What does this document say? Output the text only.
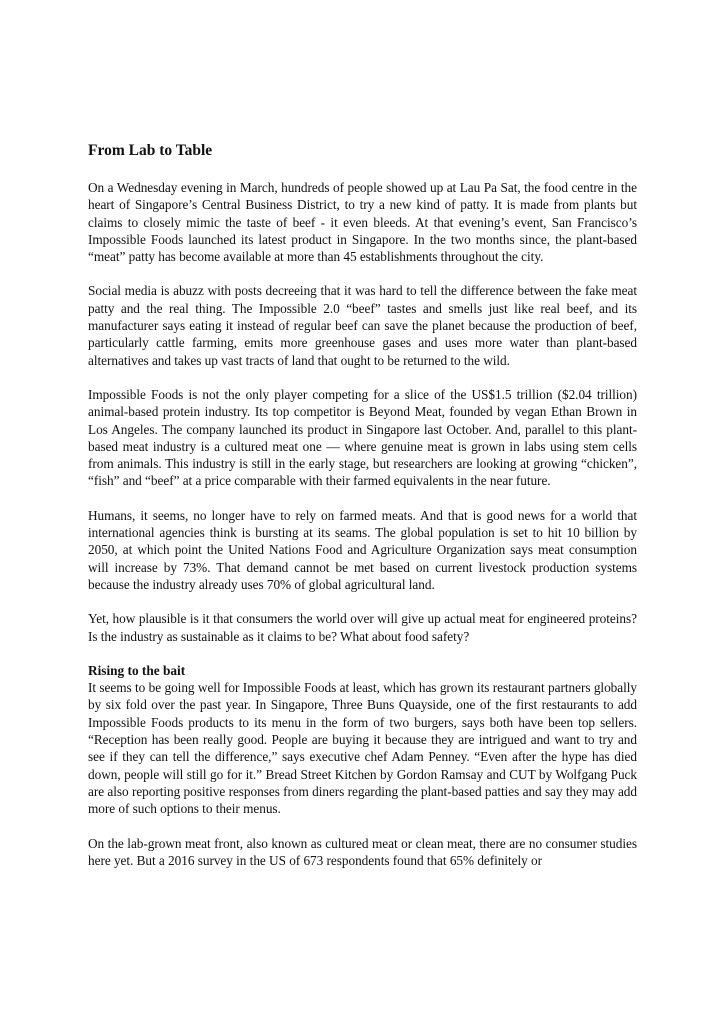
From Lab to Table

On a Wednesday evening in March, hundreds of people showed up at Lau Pa Sat, the food centre in the heart of Singapore’s Central Business District, to try a new kind of patty. It is made from plants but claims to closely mimic the taste of beef - it even bleeds. At that evening’s event, San Francisco’s Impossible Foods launched its latest product in Singapore. In the two months since, the plant-based “meat” patty has become available at more than 45 establishments throughout the city.

Social media is abuzz with posts decreeing that it was hard to tell the difference between the fake meat patty and the real thing. The Impossible 2.0 “beef” tastes and smells just like real beef, and its manufacturer says eating it instead of regular beef can save the planet because the production of beef, particularly cattle farming, emits more greenhouse gases and uses more water than plant-based alternatives and takes up vast tracts of land that ought to be returned to the wild.

Impossible Foods is not the only player competing for a slice of the US$1.5 trillion ($2.04 trillion) animal-based protein industry. Its top competitor is Beyond Meat, founded by vegan Ethan Brown in Los Angeles. The company launched its product in Singapore last October. And, parallel to this plant-based meat industry is a cultured meat one — where genuine meat is grown in labs using stem cells from animals. This industry is still in the early stage, but researchers are looking at growing “chicken”, “fish” and “beef” at a price comparable with their farmed equivalents in the near future.

Humans, it seems, no longer have to rely on farmed meats. And that is good news for a world that international agencies think is bursting at its seams. The global population is set to hit 10 billion by 2050, at which point the United Nations Food and Agriculture Organization says meat consumption will increase by 73%. That demand cannot be met based on current livestock production systems because the industry already uses 70% of global agricultural land.

Yet, how plausible is it that consumers the world over will give up actual meat for engineered proteins? Is the industry as sustainable as it claims to be? What about food safety?

Rising to the bait

It seems to be going well for Impossible Foods at least, which has grown its restaurant partners globally by six fold over the past year. In Singapore, Three Buns Quayside, one of the first restaurants to add Impossible Foods products to its menu in the form of two burgers, says both have been top sellers. “Reception has been really good. People are buying it because they are intrigued and want to try and see if they can tell the difference,” says executive chef Adam Penney. “Even after the hype has died down, people will still go for it.” Bread Street Kitchen by Gordon Ramsay and CUT by Wolfgang Puck are also reporting positive responses from diners regarding the plant-based patties and say they may add more of such options to their menus.

On the lab-grown meat front, also known as cultured meat or clean meat, there are no consumer studies here yet. But a 2016 survey in the US of 673 respondents found that 65% definitely or
